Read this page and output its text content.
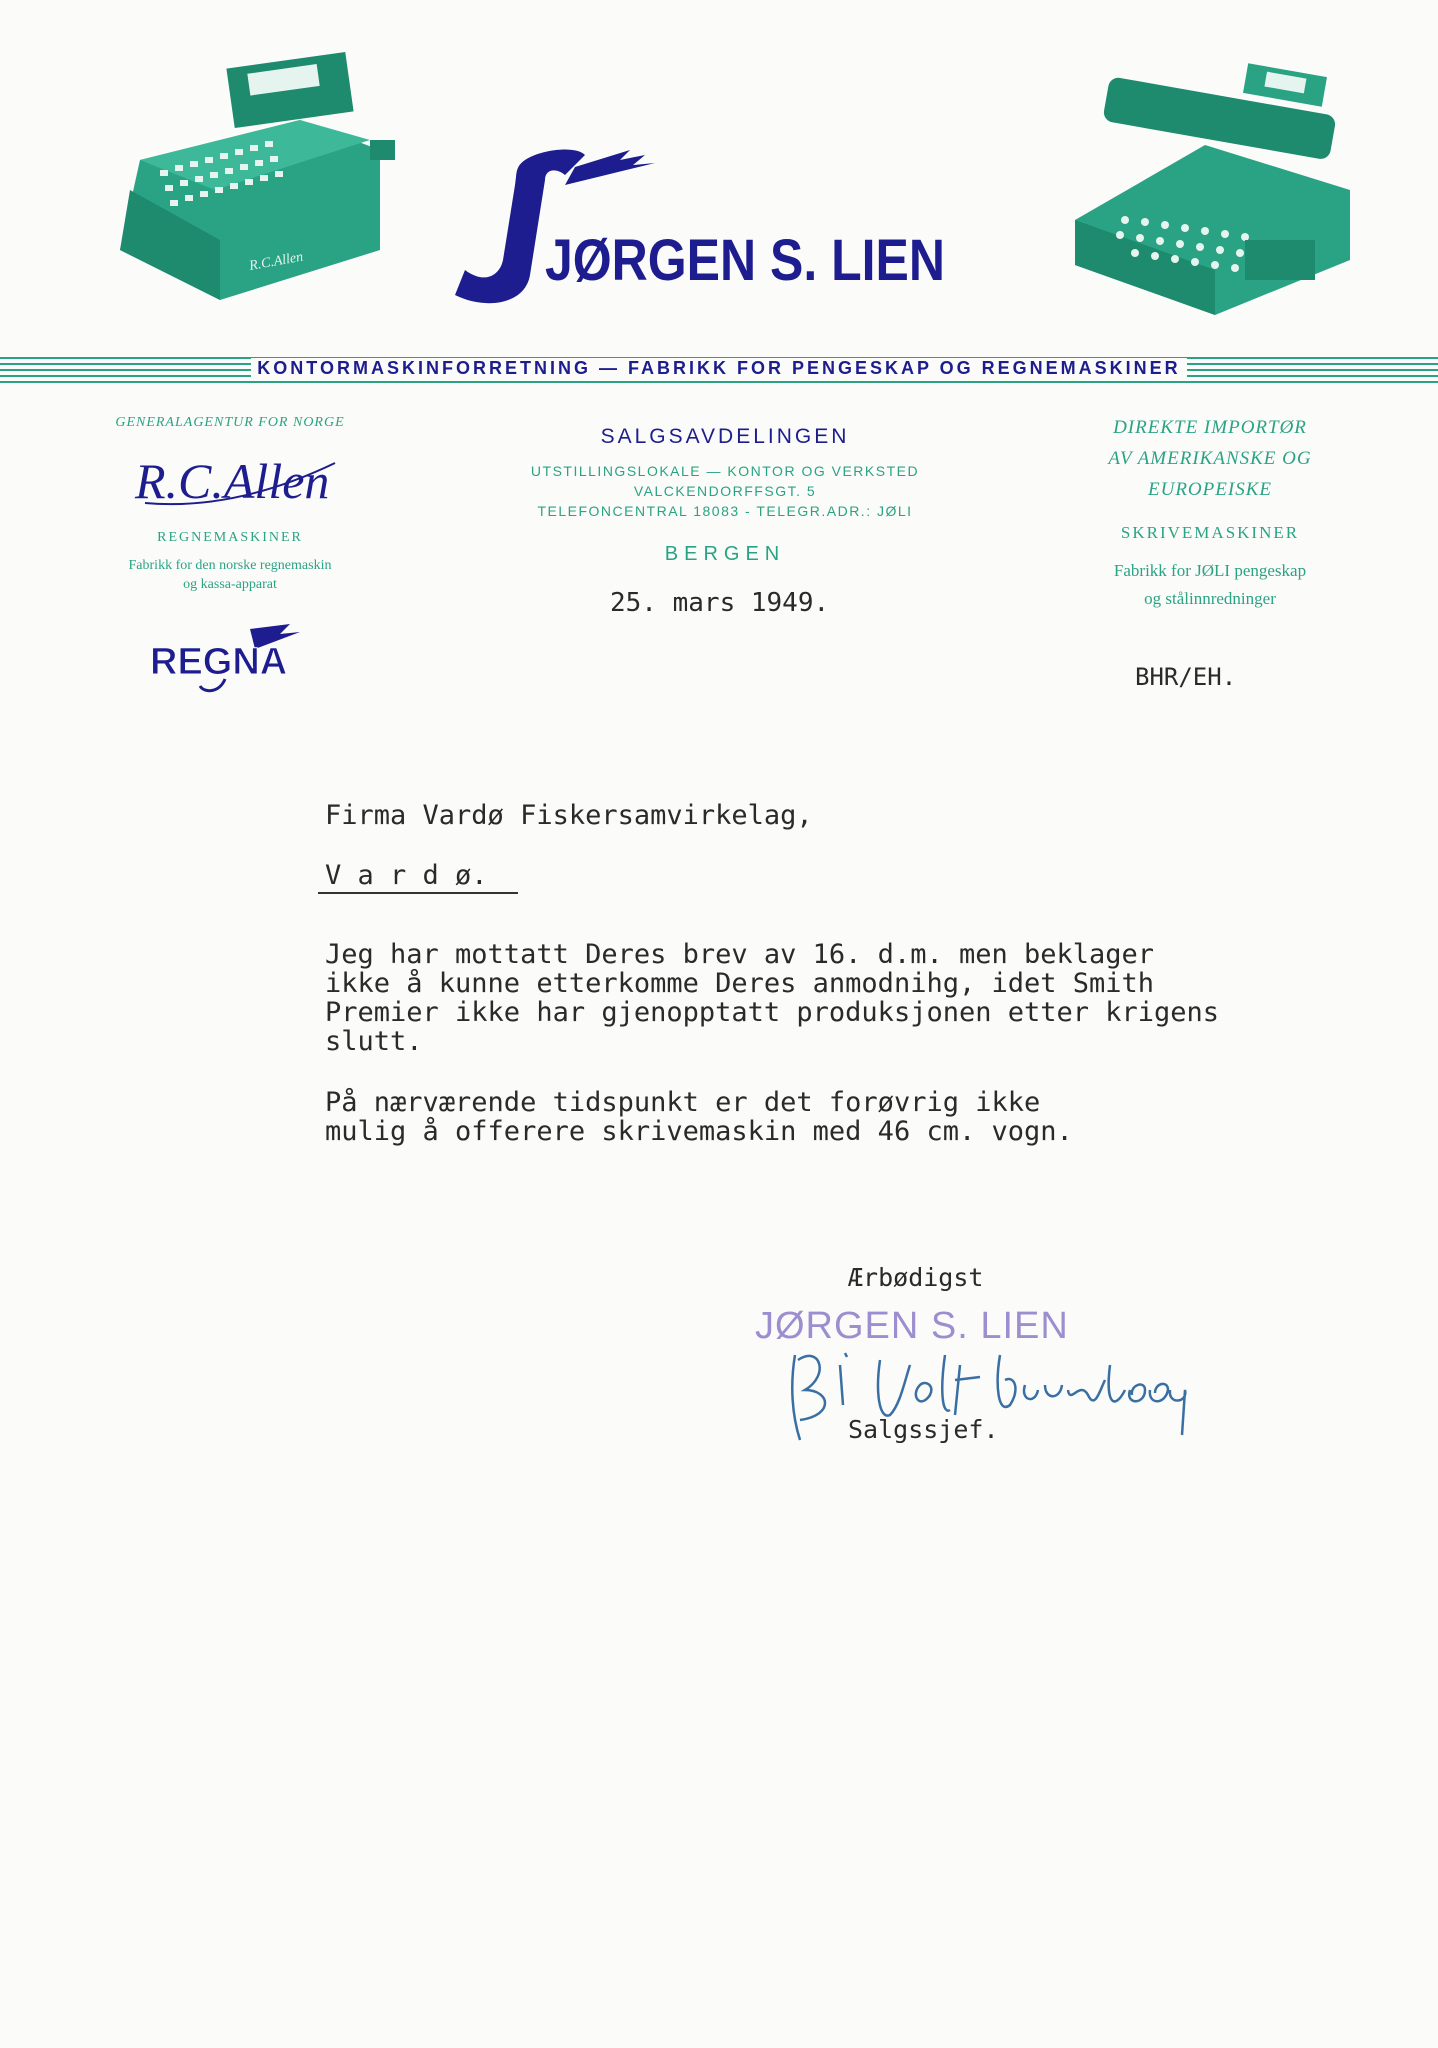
R.C.Allen	JØRGEN S. LIEN
KONTORMASKINFORRETNING — FABRIKK FOR PENGESKAP OG REGNEMASKINER
GENERALAGENTUR FOR NORGE
R.C.Allen
REGNEMASKINER
Fabrikk for den norske regnemaskin
og kassa-apparat
REGNA
SALGSAVDELINGEN
UTSTILLINGSLOKALE — KONTOR OG VERKSTED
VALCKENDORFFSGT. 5
TELEFONCENTRAL 18083 - TELEGR.ADR.: JØLI
BERGEN
DIREKTE IMPORTØR
AV AMERIKANSKE OG
EUROPEISKE
SKRIVEMASKINER
Fabrikk for JØLI pengeskap
og stålinnredninger
25. mars 1949.
BHR/EH.
Firma Vardø Fiskersamvirkelag,
V a r d ø.
Jeg har mottatt Deres brev av 16. d.m. men beklager
ikke å kunne etterkomme Deres anmodnihg, idet Smith
Premier ikke har gjenopptatt produksjonen etter krigens
slutt.
På nærværende tidspunkt er det forøvrig ikke
mulig å offerere skrivemaskin med 46 cm. vogn.
Ærbødigst
JØRGEN S. LIEN
Salgssjef.
